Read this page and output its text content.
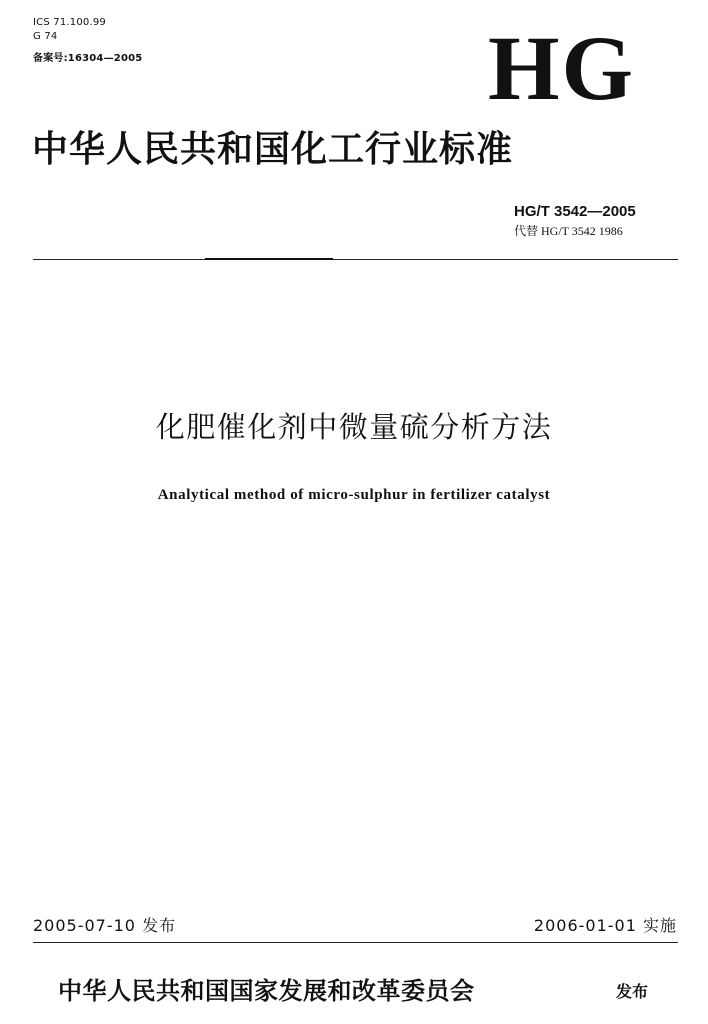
ICS 71.100.99
G 74
备案号:16304—2005	HG
中华人民共和国化工行业标准
HG/T 3542—2005
代替 HG/T 3542 1986
化肥催化剂中微量硫分析方法
Analytical method of micro-sulphur in fertilizer catalyst
2005-07-10 发布	2006-01-01 实施
中华人民共和国国家发展和改革委员会	发布
